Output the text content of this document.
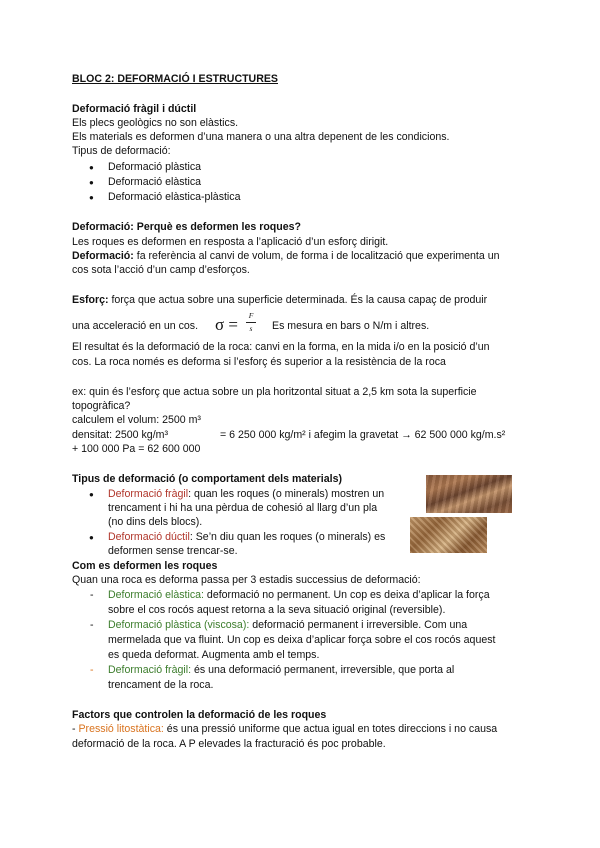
BLOC 2: DEFORMACIÓ I ESTRUCTURES
Deformació fràgil i dúctil
Els plecs geològics no son elàstics.
Els materials es deformen d’una manera o una altra depenent de les condicions.
Tipus de deformació:
● Deformació plàstica
● Deformació elàstica
● Deformació elàstica-plàstica
Deformació: Perquè es deformen les roques?
Les roques es deformen en resposta a l’aplicació d’un esforç dirigit.
Deformació: fa referència al canvi de volum, de forma i de localització que experimenta un
cos sota l’acció d’un camp d’esforços.
Esforç: força que actua sobre una superficie determinada. És la causa capaç de produir
una acceleració en un cos. σ =	F
s	Es mesura en bars o N/m i altres.
El resultat és la deformació de la roca: canvi en la forma, en la mida i/o en la posició d’un
cos. La roca només es deforma si l’esforç és superior a la resistència de la roca
ex: quin és l’esforç que actua sobre un pla horitzontal situat a 2,5 km sota la superficie
topogràfica?
calculem el volum: 2500 m³
densitat: 2500 kg/m³	= 6 250 000 kg/m² i afegim la gravetat → 62 500 000 kg/m.s²
+ 100 000 Pa = 62 600 000
Tipus de deformació (o comportament dels materials)
● Deformació fràgil: quan les roques (o minerals) mostren un
trencament i hi ha una pèrdua de cohesió al llarg d’un pla
(no dins dels blocs).
● Deformació dúctil: Se’n diu quan les roques (o minerals) es
deformen sense trencar-se.
Com es deformen les roques
Quan una roca es deforma passa per 3 estadis successius de deformació:
- Deformació elàstica: deformació no permanent. Un cop es deixa d’aplicar la força
sobre el cos rocós aquest retorna a la seva situació original (reversible).
- Deformació plàstica (viscosa): deformació permanent i irreversible. Com una
mermelada que va fluint. Un cop es deixa d’aplicar força sobre el cos rocós aquest
es queda deformat. Augmenta amb el temps.
- Deformació fràgil: és una deformació permanent, irreversible, que porta al
trencament de la roca.
Factors que controlen la deformació de les roques
- Pressió litostàtica: és una pressió uniforme que actua igual en totes direccions i no causa
deformació de la roca. A P elevades la fracturació és poc probable.
